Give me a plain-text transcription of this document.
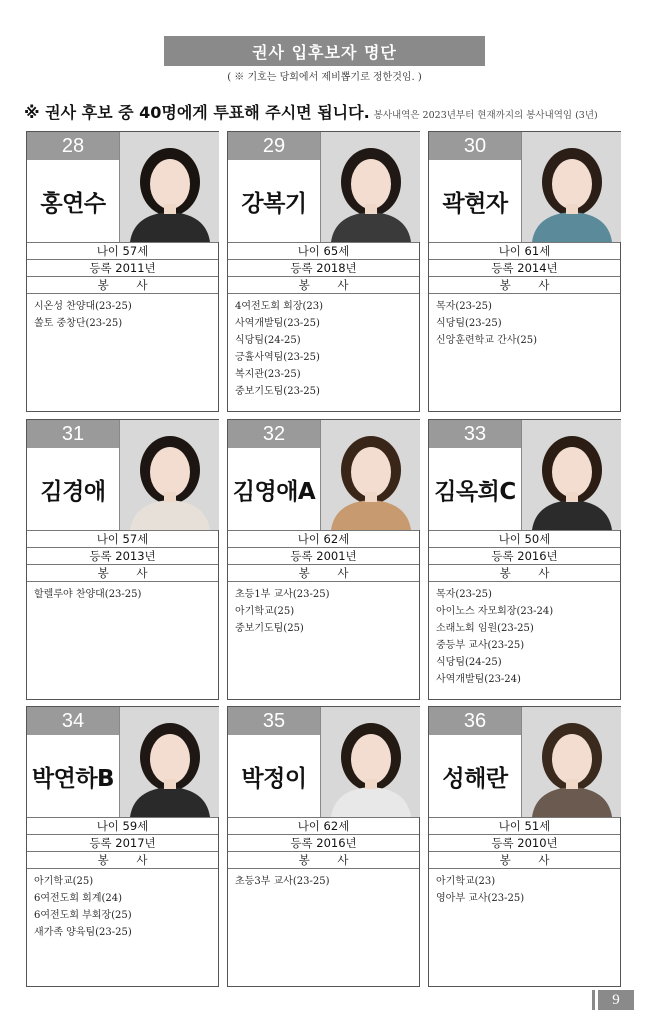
권사 입후보자 명단
( ※ 기호는 당회에서 제비뽑기로 정한것임. )
※ 권사 후보 중 40명에게 투표해 주시면 됩니다. 봉사내역은 2023년부터 현재까지의 봉사내역임 (3년)
28
홍연수
나이 57세
등록 2011년
봉 사
시온성 찬양대(23-25)
쏠토 중창단(23-25)
29
강복기
나이 65세
등록 2018년
봉 사
4여전도회 회장(23)
사역개발팀(23-25)
식당팀(24-25)
긍휼사역팀(23-25)
복지관(23-25)
중보기도팀(23-25)
30
곽현자
나이 61세
등록 2014년
봉 사
목자(23-25)
식당팀(23-25)
신앙훈련학교 간사(25)
31
김경애
나이 57세
등록 2013년
봉 사
할렐루야 찬양대(23-25)
32
김영애A
나이 62세
등록 2001년
봉 사
초등1부 교사(23-25)
아기학교(25)
중보기도팀(25)
33
김옥희C
나이 50세
등록 2016년
봉 사
목자(23-25)
아이노스 자모회장(23-24)
소래노회 임원(23-25)
중등부 교사(23-25)
식당팀(24-25)
사역개발팀(23-24)
34
박연하B
나이 59세
등록 2017년
봉 사
아기학교(25)
6여전도회 회계(24)
6여전도회 부회장(25)
새가족 양육팀(23-25)
35
박정이
나이 62세
등록 2016년
봉 사
초등3부 교사(23-25)
36
성해란
나이 51세
등록 2010년
봉 사
아기학교(23)
영아부 교사(23-25)
9
